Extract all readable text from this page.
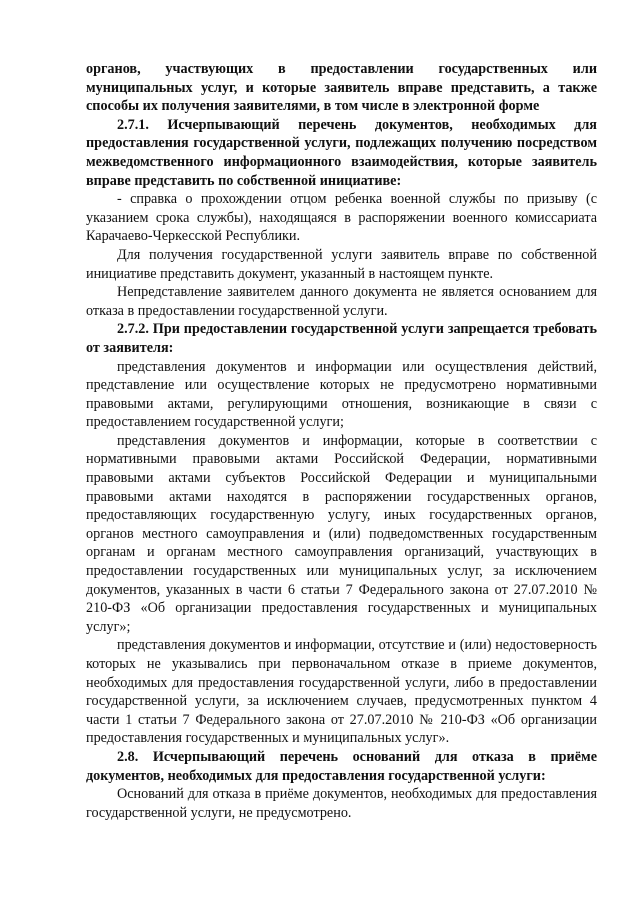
органов, участвующих в предоставлении государственных или муниципальных услуг, и которые заявитель вправе представить, а также способы их получения заявителями, в том числе в электронной форме

2.7.1. Исчерпывающий перечень документов, необходимых для предоставления государственной услуги, подлежащих получению посредством межведомственного информационного взаимодействия, которые заявитель вправе представить по собственной инициативе:

- справка о прохождении отцом ребенка военной службы по призыву (с указанием срока службы), находящаяся в распоряжении военного комиссариата Карачаево-Черкесской Республики.

Для получения государственной услуги заявитель вправе по собственной инициативе представить документ, указанный в настоящем пункте.

Непредставление заявителем данного документа не является основанием для отказа в предоставлении государственной услуги.

2.7.2. При предоставлении государственной услуги запрещается требовать от заявителя:

представления документов и информации или осуществления действий, представление или осуществление которых не предусмотрено нормативными правовыми актами, регулирующими отношения, возникающие в связи с предоставлением государственной услуги;

представления документов и информации, которые в соответствии с нормативными правовыми актами Российской Федерации, нормативными правовыми актами субъектов Российской Федерации и муниципальными правовыми актами находятся в распоряжении государственных органов, предоставляющих государственную услугу, иных государственных органов, органов местного самоуправления и (или) подведомственных государственным органам и органам местного самоуправления организаций, участвующих в предоставлении государственных или муниципальных услуг, за исключением документов, указанных в части 6 статьи 7 Федерального закона от 27.07.2010 № 210-ФЗ «Об организации предоставления государственных и муниципальных услуг»;

представления документов и информации, отсутствие и (или) недостоверность которых не указывались при первоначальном отказе в приеме документов, необходимых для предоставления государственной услуги, либо в предоставлении государственной услуги, за исключением случаев, предусмотренных пунктом 4 части 1 статьи 7 Федерального закона от 27.07.2010 № 210-ФЗ «Об организации предоставления государственных и муниципальных услуг».

2.8. Исчерпывающий перечень оснований для отказа в приёме документов, необходимых для предоставления государственной услуги:

Оснований для отказа в приёме документов, необходимых для предоставления государственной услуги, не предусмотрено.
